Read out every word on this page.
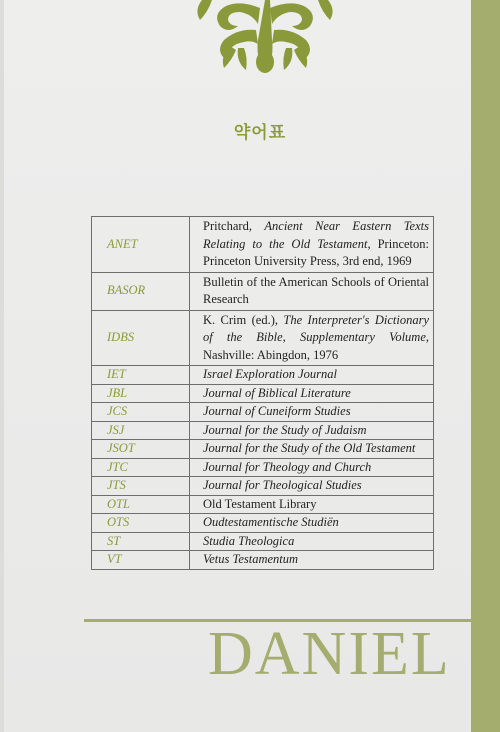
약어표
ANET	Pritchard, Ancient Near Eastern Texts Relating to the Old Testament, Princeton: Princeton University Press, 3rd end, 1969
BASOR	Bulletin of the American Schools of Oriental Research
IDBS	K. Crim (ed.), The Interpreter's Dictionary of the Bible, Supplementary Volume, Nashville: Abingdon, 1976
IET	Israel Exploration Journal
JBL	Journal of Biblical Literature
JCS	Journal of Cuneiform Studies
JSJ	Journal for the Study of Judaism
JSOT	Journal for the Study of the Old Testament
JTC	Journal for Theology and Church
JTS	Journal for Theological Studies
OTL	Old Testament Library
OTS	Oudtestamentische Studiën
ST	Studia Theologica
VT	Vetus Testamentum
DANIEL
